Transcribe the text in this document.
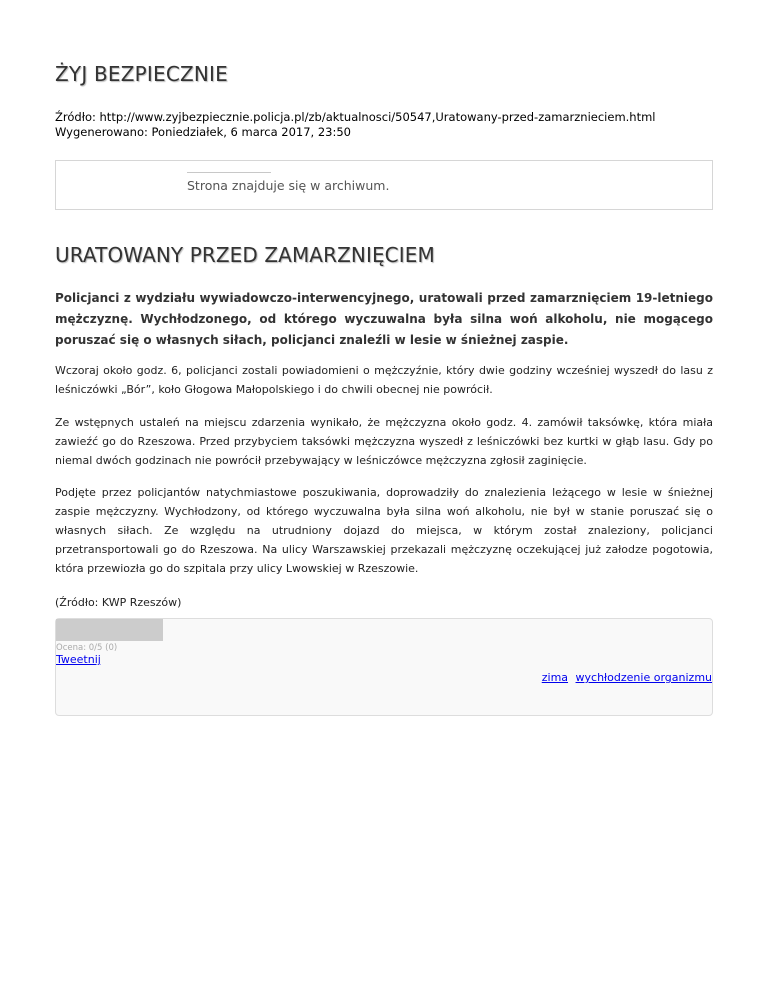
ŻYJ BEZPIECZNIE
Źródło: http://www.zyjbezpiecznie.policja.pl/zb/aktualnosci/50547,Uratowany-przed-zamarznieciem.html
Wygenerowano: Poniedziałek, 6 marca 2017, 23:50
Strona znajduje się w archiwum.
URATOWANY PRZED ZAMARZNIĘCIEM

Policjanci z wydziału wywiadowczo-interwencyjnego, uratowali przed zamarznięciem 19-letniego mężczyznę. Wychłodzonego, od którego wyczuwalna była silna woń alkoholu, nie mogącego poruszać się o własnych siłach, policjanci znaleźli w lesie w śnieżnej zaspie.

Wczoraj około godz. 6, policjanci zostali powiadomieni o mężczyźnie, który dwie godziny wcześniej wyszedł do lasu z leśniczówki „Bór”, koło Głogowa Małopolskiego i do chwili obecnej nie powrócił.

Ze wstępnych ustaleń na miejscu zdarzenia wynikało, że mężczyzna około godz. 4. zamówił taksówkę, która miała zawieźć go do Rzeszowa. Przed przybyciem taksówki mężczyzna wyszedł z leśniczówki bez kurtki w głąb lasu. Gdy po niemal dwóch godzinach nie powrócił przebywający w leśniczówce mężczyzna zgłosił zaginięcie.

Podjęte przez policjantów natychmiastowe poszukiwania, doprowadziły do znalezienia leżącego w lesie w śnieżnej zaspie mężczyzny. Wychłodzony, od którego wyczuwalna była silna woń alkoholu, nie był w stanie poruszać się o własnych siłach. Ze względu na utrudniony dojazd do miejsca, w którym został znaleziony, policjanci przetransportowali go do Rzeszowa. Na ulicy Warszawskiej przekazali mężczyznę oczekującej już załodze pogotowia, która przewiozła go do szpitala przy ulicy Lwowskiej w Rzeszowie.

(Źródło: KWP Rzeszów)

Ocena: 0/5 (0)
Tweetnij
zima wychłodzenie organizmu
